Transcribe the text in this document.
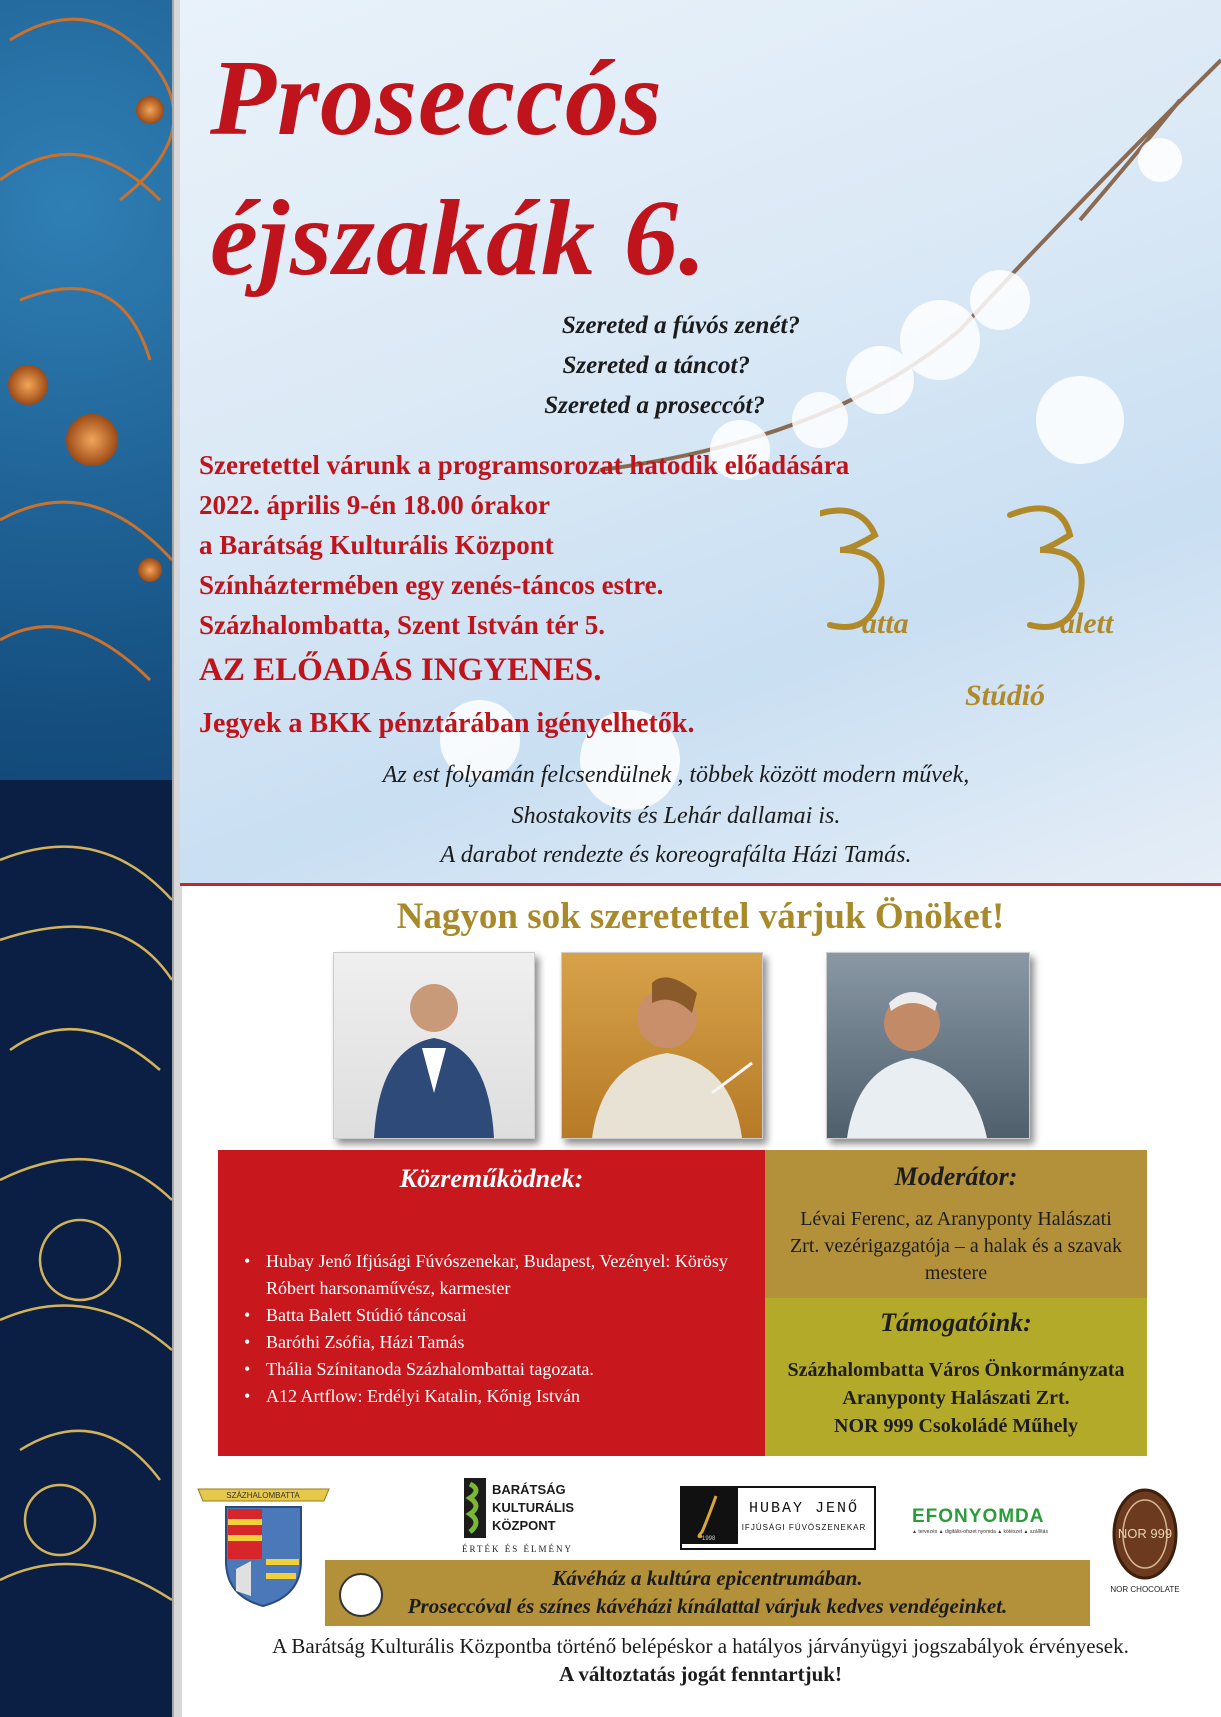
Proseccós
éjszakák 6.
Szereted a fúvós zenét?
Szereted a táncot?
Szereted a proseccót?
Szeretettel várunk a programsorozat hatodik előadására
2022. április 9-én 18.00 órakor
a Barátság Kulturális Központ
Színháztermében egy zenés-táncos estre.
Százhalombatta, Szent István tér 5.
AZ ELŐADÁS INGYENES.
Jegyek a BKK pénztárában igényelhetők.
Az est folyamán felcsendülnek , többek között modern művek,
Shostakovits és Lehár dallamai is.
A darabot rendezte és koreografálta Házi Tamás.
atta	alett
Stúdió
Nagyon sok szeretettel várjuk Önöket!
Közreműködnek:
• Hubay Jenő Ifjúsági Fúvószenekar, Budapest, Vezényel: Körösy Róbert harsonaművész, karmester
• Batta Balett Stúdió táncosai
• Baróthi Zsófia, Házi Tamás
• Thália Színitanoda Százhalombattai tagozata.
• A12 Artflow: Erdélyi Katalin, Kőnig István
Moderátor:
Lévai Ferenc, az Aranyponty Halászati Zrt. vezérigazgatója – a halak és a szavak mestere
Támogatóink:
Százhalombatta Város Önkormányzata
Aranyponty Halászati Zrt.
NOR 999 Csokoládé Műhely
SZÁZHALOMBATTA	BARÁTSÁG
KULTURÁLIS
KÖZPONT
ÉRTÉK ÉS ÉLMÉNY
1998
HUBAY JENŐ
IFJÚSÁGI FÚVÓSZENEKAR
EFONYOMDA
▲ tervezés ▲ digitális-ofszet nyomda ▲ kötészet ▲ szállítás	NOR 999
NOR CHOCOLATE
Kávéház a kultúra epicentrumában.
Proseccóval és színes kávéházi kínálattal várjuk kedves vendégeinket.
A Barátság Kulturális Központba történő belépéskor a hatályos járványügyi jogszabályok érvényesek.
A változtatás jogát fenntartjuk!
